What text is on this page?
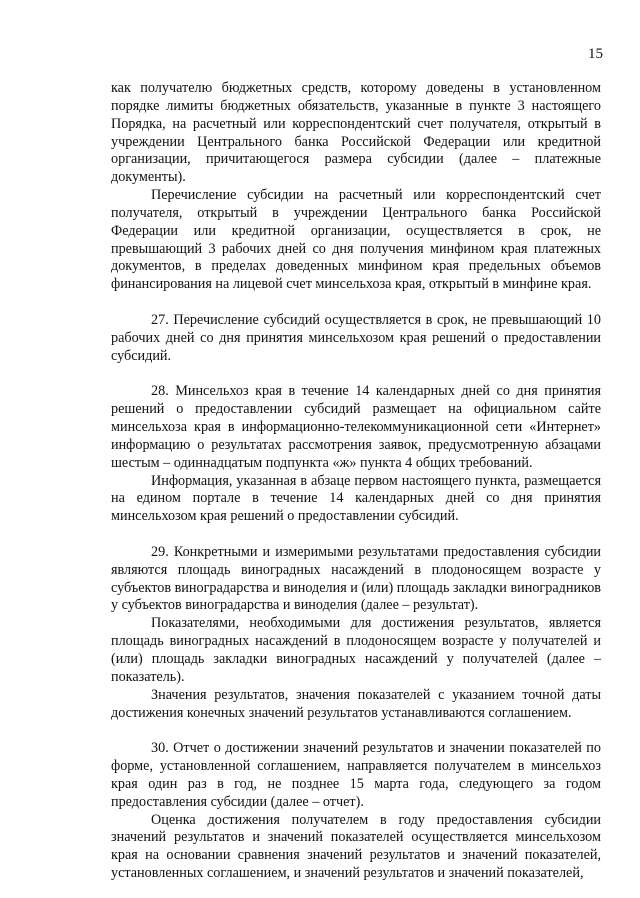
15

как получателю бюджетных средств, которому доведены в установленном порядке лимиты бюджетных обязательств, указанные в пункте 3 настоящего Порядка, на расчетный или корреспондентский счет получателя, открытый в учреждении Центрального банка Российской Федерации или кредитной организации, причитающегося размера субсидии (далее – платежные документы).

Перечисление субсидии на расчетный или корреспондентский счет получателя, открытый в учреждении Центрального банка Российской Федерации или кредитной организации, осуществляется в срок, не превышающий 3 рабочих дней со дня получения минфином края платежных документов, в пределах доведенных минфином края предельных объемов финансирования на лицевой счет минсельхоза края, открытый в минфине края.

27. Перечисление субсидий осуществляется в срок, не превышающий 10 рабочих дней со дня принятия минсельхозом края решений о предоставлении субсидий.

28. Минсельхоз края в течение 14 календарных дней со дня принятия решений о предоставлении субсидий размещает на официальном сайте минсельхоза края в информационно-телекоммуникационной сети «Интернет» информацию о результатах рассмотрения заявок, предусмотренную абзацами шестым – одиннадцатым подпункта «ж» пункта 4 общих требований.

Информация, указанная в абзаце первом настоящего пункта, размещается на едином портале в течение 14 календарных дней со дня принятия минсельхозом края решений о предоставлении субсидий.

29. Конкретными и измеримыми результатами предоставления субсидии являются площадь виноградных насаждений в плодоносящем возрасте у субъектов виноградарства и виноделия и (или) площадь закладки виноградников у субъектов виноградарства и виноделия (далее – результат).

Показателями, необходимыми для достижения результатов, является площадь виноградных насаждений в плодоносящем возрасте у получателей и (или) площадь закладки виноградных насаждений у получателей (далее – показатель).

Значения результатов, значения показателей с указанием точной даты достижения конечных значений результатов устанавливаются соглашением.

30. Отчет о достижении значений результатов и значении показателей по форме, установленной соглашением, направляется получателем в минсельхоз края один раз в год, не позднее 15 марта года, следующего за годом предоставления субсидии (далее – отчет).

Оценка достижения получателем в году предоставления субсидии значений результатов и значений показателей осуществляется минсельхозом края на основании сравнения значений результатов и значений показателей, установленных соглашением, и значений результатов и значений показателей,
